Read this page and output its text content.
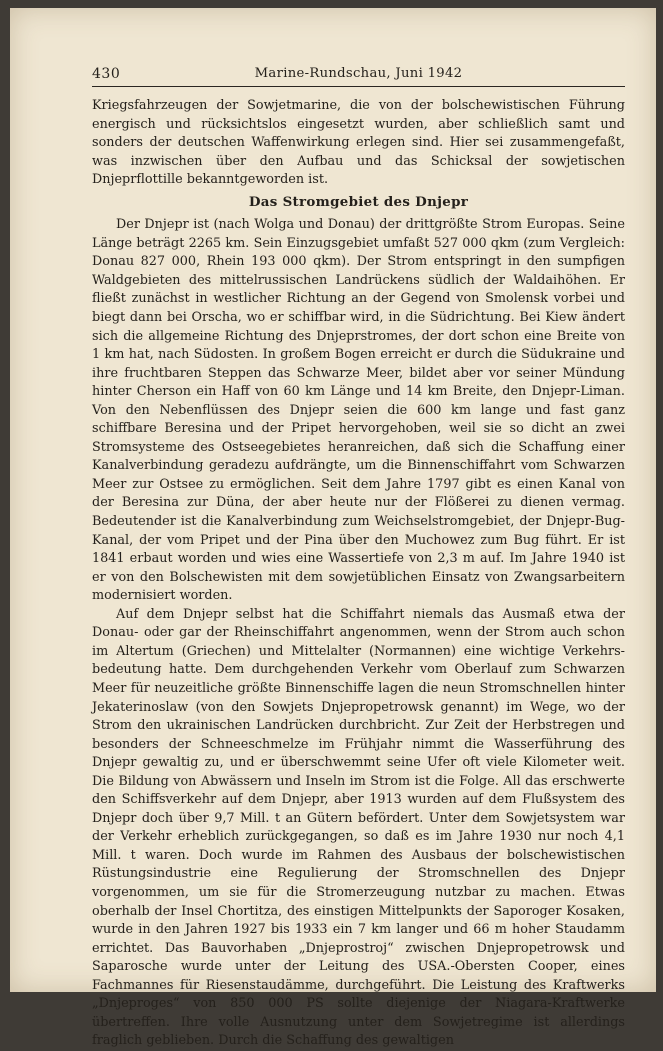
430	Marine-Rundschau, Juni 1942

Kriegsfahrzeugen der Sowjetmarine, die von der bolschewistischen Führung energisch und rücksichtslos eingesetzt wurden, aber schließlich samt und sonders der deutschen Waffenwirkung erlegen sind. Hier sei zusammengefaßt, was inzwischen über den Aufbau und das Schicksal der sowjetischen Dnjeprflottille bekanntgeworden ist.

Das Stromgebiet des Dnjepr

Der Dnjepr ist (nach Wolga und Donau) der drittgrößte Strom Europas. Seine Länge beträgt 2265 km. Sein Einzugsgebiet umfaßt 527 000 qkm (zum Vergleich: Donau 827 000, Rhein 193 000 qkm). Der Strom entspringt in den sumpfigen Waldgebieten des mittelrussischen Landrückens südlich der Waldaihöhen. Er fließt zunächst in westlicher Richtung an der Gegend von Smolensk vorbei und biegt dann bei Orscha, wo er schiffbar wird, in die Südrichtung. Bei Kiew ändert sich die allgemeine Richtung des Dnjeprstromes, der dort schon eine Breite von 1 km hat, nach Südosten. In großem Bogen erreicht er durch die Südukraine und ihre fruchtbaren Steppen das Schwarze Meer, bildet aber vor seiner Mündung hinter Cherson ein Haff von 60 km Länge und 14 km Breite, den Dnjepr-Liman. Von den Nebenflüssen des Dnjepr seien die 600 km lange und fast ganz schiffbare Beresina und der Pripet hervorgehoben, weil sie so dicht an zwei Stromsysteme des Ostseegebietes heranreichen, daß sich die Schaffung einer Kanalverbindung geradezu aufdrängte, um die Binnenschiffahrt vom Schwarzen Meer zur Ostsee zu ermöglichen. Seit dem Jahre 1797 gibt es einen Kanal von der Beresina zur Düna, der aber heute nur der Flößerei zu dienen vermag. Bedeutender ist die Kanalverbindung zum Weichselstromgebiet, der Dnjepr-Bug-Kanal, der vom Pripet und der Pina über den Muchowez zum Bug führt. Er ist 1841 erbaut worden und wies eine Wassertiefe von 2,3 m auf. Im Jahre 1940 ist er von den Bolschewisten mit dem sowjetüblichen Einsatz von Zwangsarbeitern modernisiert worden.

Auf dem Dnjepr selbst hat die Schiffahrt niemals das Ausmaß etwa der Donau- oder gar der Rheinschiffahrt angenommen, wenn der Strom auch schon im Altertum (Griechen) und Mittelalter (Normannen) eine wichtige Verkehrsbedeutung hatte. Dem durchgehenden Verkehr vom Oberlauf zum Schwarzen Meer für neuzeitliche größte Binnenschiffe lagen die neun Stromschnellen hinter Jekaterinoslaw (von den Sowjets Dnjepropetrowsk genannt) im Wege, wo der Strom den ukrainischen Landrücken durchbricht. Zur Zeit der Herbstregen und besonders der Schneeschmelze im Frühjahr nimmt die Wasserführung des Dnjepr gewaltig zu, und er überschwemmt seine Ufer oft viele Kilometer weit. Die Bildung von Abwässern und Inseln im Strom ist die Folge. All das erschwerte den Schiffsverkehr auf dem Dnjepr, aber 1913 wurden auf dem Flußsystem des Dnjepr doch über 9,7 Mill. t an Gütern befördert. Unter dem Sowjetsystem war der Verkehr erheblich zurückgegangen, so daß es im Jahre 1930 nur noch 4,1 Mill. t waren. Doch wurde im Rahmen des Ausbaus der bolschewistischen Rüstungsindustrie eine Regulierung der Stromschnellen des Dnjepr vorgenommen, um sie für die Stromerzeugung nutzbar zu machen. Etwas oberhalb der Insel Chortitza, des einstigen Mittelpunkts der Saporoger Kosaken, wurde in den Jahren 1927 bis 1933 ein 7 km langer und 66 m hoher Staudamm errichtet. Das Bauvorhaben „Dnjeprostroj“ zwischen Dnjepropetrowsk und Saparosche wurde unter der Leitung des USA.-Obersten Cooper, eines Fachmannes für Riesenstaudämme, durchgeführt. Die Leistung des Kraftwerks „Dnjeproges“ von 850 000 PS sollte diejenige der Niagara-Kraftwerke übertreffen. Ihre volle Ausnutzung unter dem Sowjetregime ist allerdings fraglich geblieben. Durch die Schaffung des gewaltigen
